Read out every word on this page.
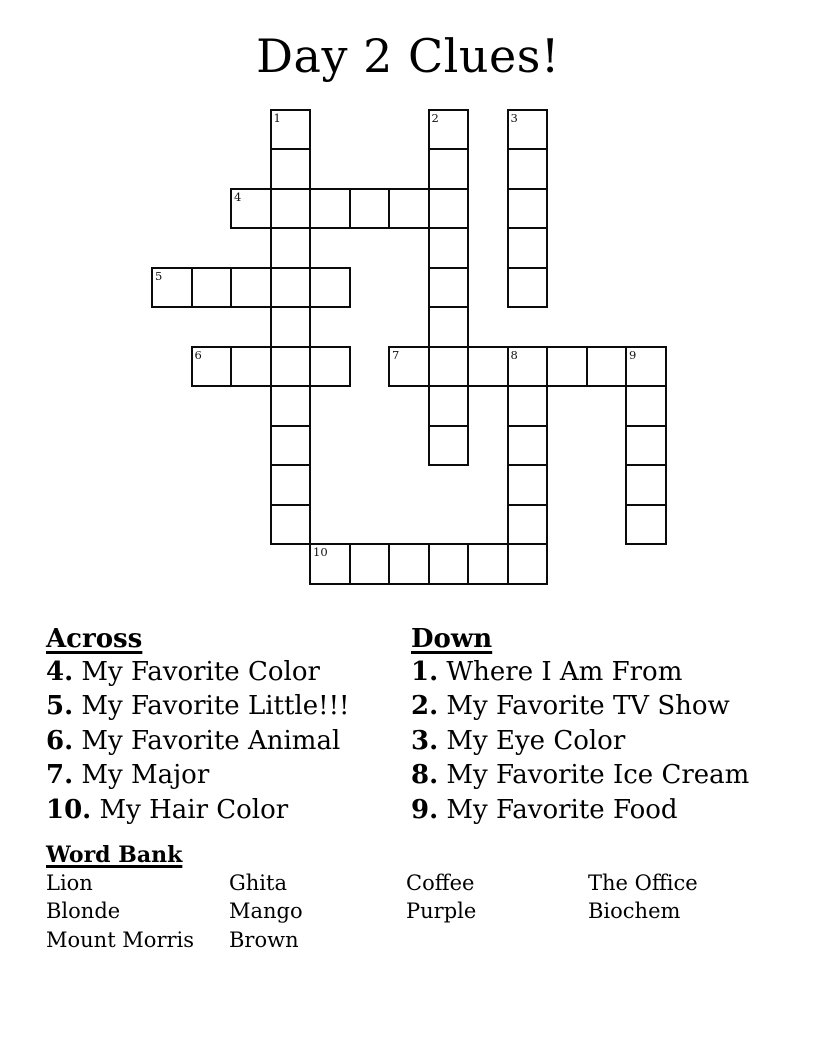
Day 2 Clues!
1	2	3
4
5
6	7	8	9
10
Across
4. My Favorite Color
5. My Favorite Little!!!
6. My Favorite Animal
7. My Major
10. My Hair Color
Down
1. Where I Am From
2. My Favorite TV Show
3. My Eye Color
8. My Favorite Ice Cream
9. My Favorite Food
Word Bank
Lion
Blonde
Mount Morris
Ghita
Mango
Brown
Coffee
Purple
The Office
Biochem
